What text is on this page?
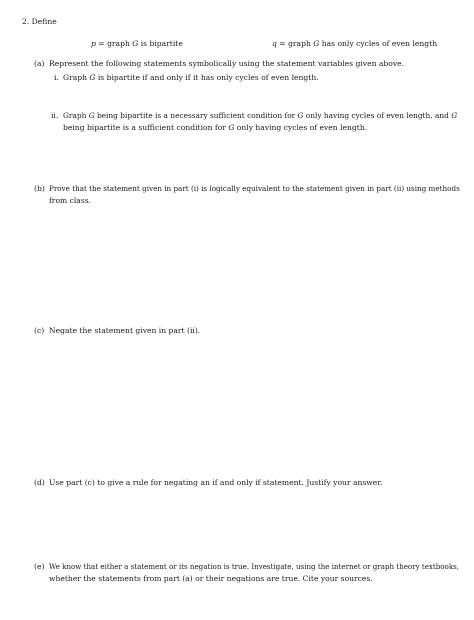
2. Define
p = graph G is bipartite	q = graph G has only cycles of even length
(a) Represent the following statements symbolically using the statement variables given above.
i. Graph G is bipartite if and only if it has only cycles of even length.
ii. Graph G being bipartite is a necessary sufficient condition for G only having cycles of even length, and G
being bipartite is a sufficient condition for G only having cycles of even length.
(b) Prove that the statement given in part (i) is logically equivalent to the statement given in part (ii) using methods
from class.
(c) Negate the statement given in part (ii).
(d) Use part (c) to give a rule for negating an if and only if statement. Justify your answer.
(e) We know that either a statement or its negation is true. Investigate, using the internet or graph theory textbooks,
whether the statements from part (a) or their negations are true. Cite your sources.
